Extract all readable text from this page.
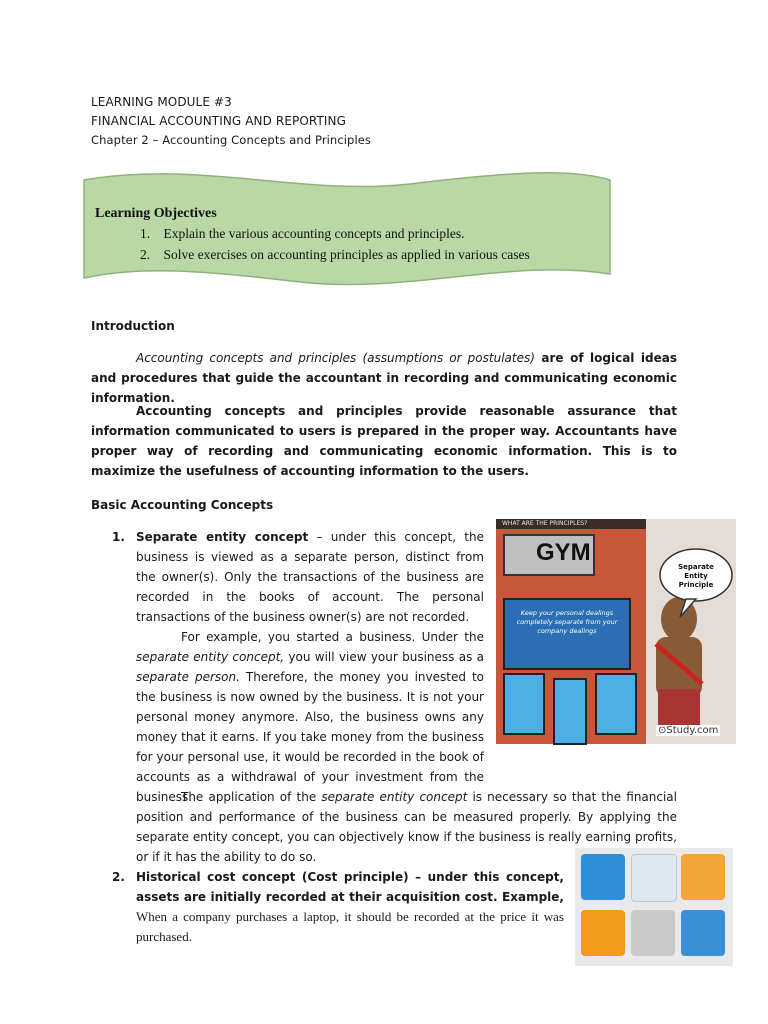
LEARNING MODULE #3
FINANCIAL ACCOUNTING AND REPORTING
Chapter 2 – Accounting Concepts and Principles
Learning Objectives
1. Explain the various accounting concepts and principles.
2. Solve exercises on accounting principles as applied in various cases
Introduction
Accounting concepts and principles (assumptions or postulates) are of logical ideas and procedures that guide the accountant in recording and communicating economic information.
Accounting concepts and principles provide reasonable assurance that information communicated to users is prepared in the proper way. Accountants have proper way of recording and communicating economic information. This is to maximize the usefulness of accounting information to the users.
Basic Accounting Concepts
1. Separate entity concept – under this concept, the business is viewed as a separate person, distinct from the owner(s). Only the transactions of the business are recorded in the books of account. The personal transactions of the business owner(s) are not recorded.
For example, you started a business. Under the separate entity concept, you will view your business as a separate person. Therefore, the money you invested to the business is now owned by the business. It is not your personal money anymore. Also, the business owns any money that it earns. If you take money from the business for your personal use, it would be recorded in the book of accounts as a withdrawal of your investment from the business.
The application of the separate entity concept is necessary so that the financial position and performance of the business can be measured properly. By applying the separate entity concept, you can objectively know if the business is really earning profits, or if it has the ability to do so.
2. Historical cost concept (Cost principle) – under this concept, assets are initially recorded at their acquisition cost. Example, When a company purchases a laptop, it should be recorded at the price it was purchased.
WHAT ARE THE PRINCIPLES?
GYM
Separate Entity Principle
Keep your personal dealings completely separate from your company dealings
⊙Study.com
